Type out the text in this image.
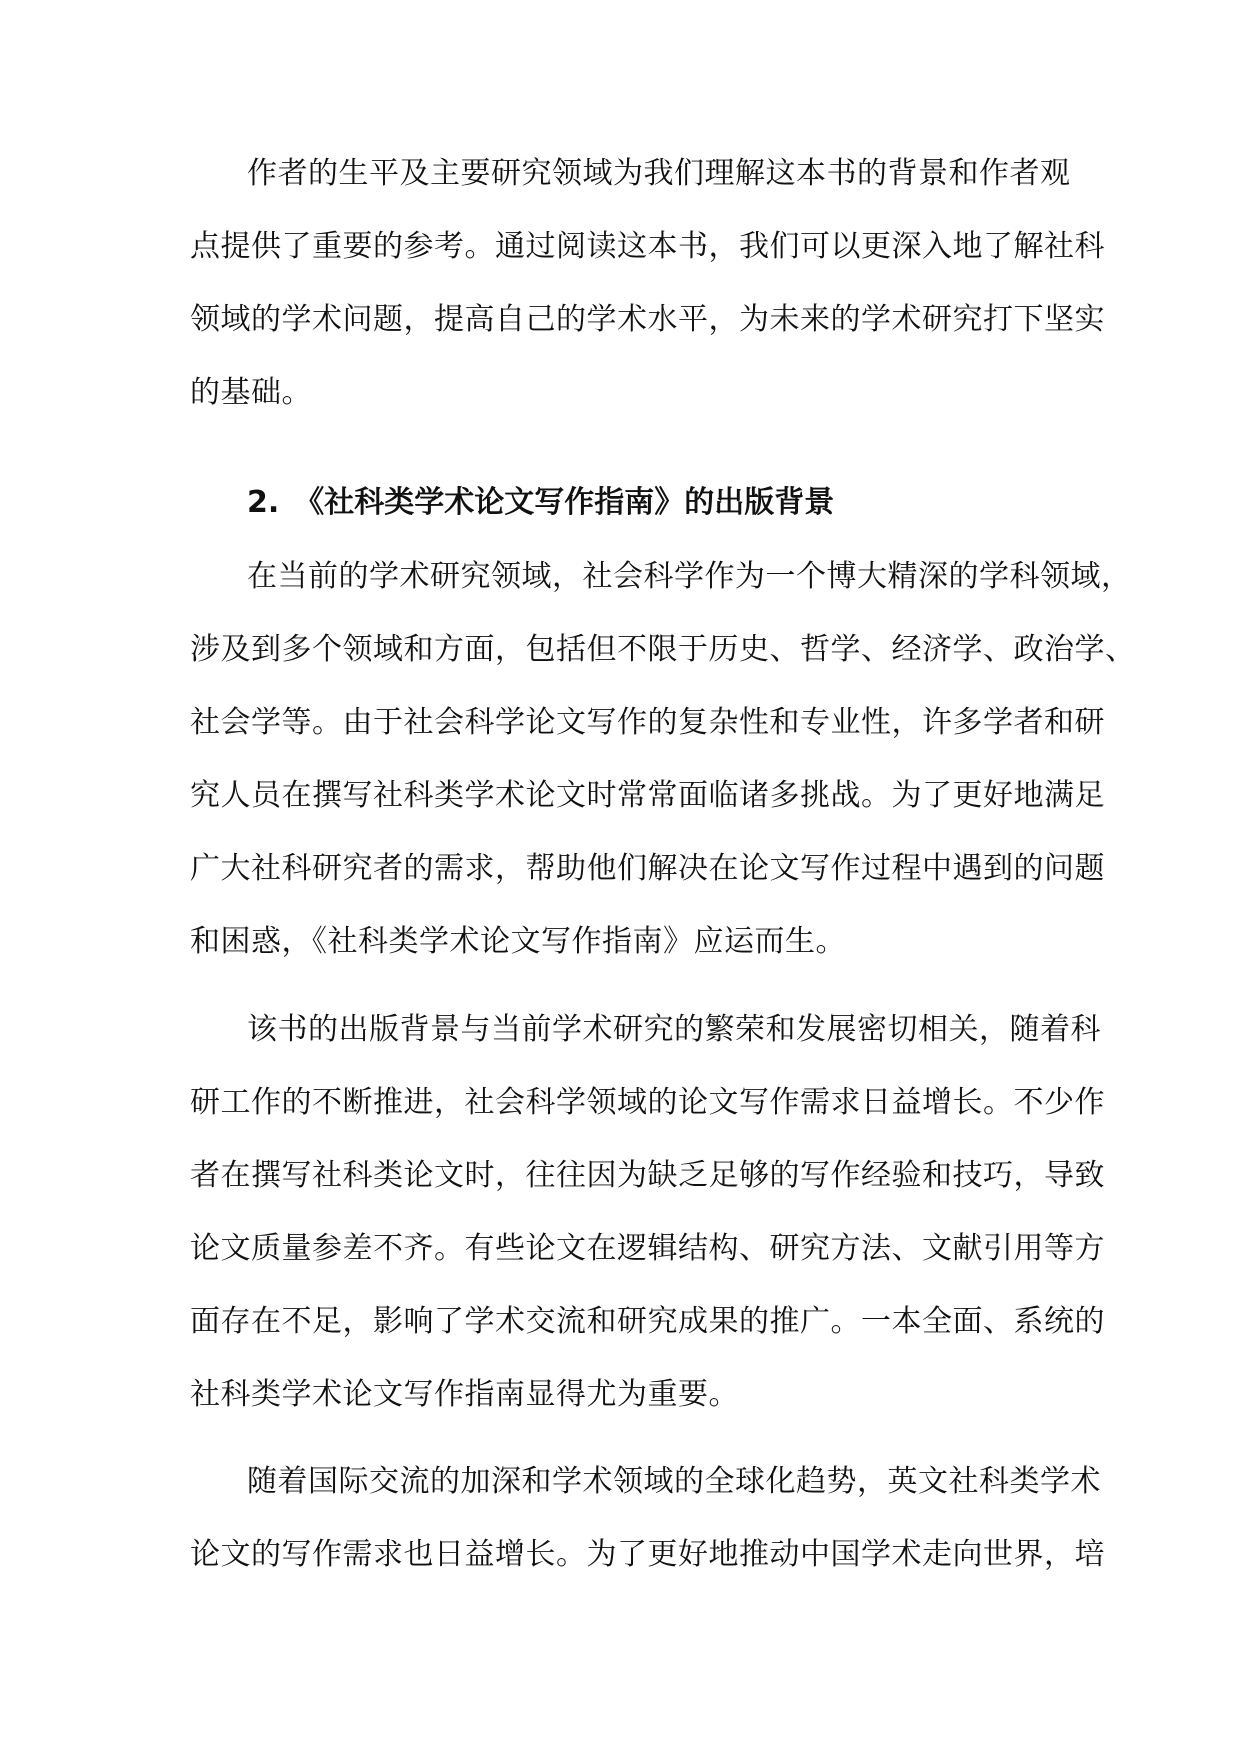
作者的生平及主要研究领域为我们理解这本书的背景和作者观
点提供了重要的参考。通过阅读这本书，我们可以更深入地了解社科
领域的学术问题，提高自己的学术水平，为未来的学术研究打下坚实
的基础。
2.　《社科类学术论文写作指南》的出版背景
在当前的学术研究领域，社会科学作为一个博大精深的学科领域，
涉及到多个领域和方面，包括但不限于历史、哲学、经济学、政治学、
社会学等。由于社会科学论文写作的复杂性和专业性，许多学者和研
究人员在撰写社科类学术论文时常常面临诸多挑战。为了更好地满足
广大社科研究者的需求，帮助他们解决在论文写作过程中遇到的问题
和困惑，《社科类学术论文写作指南》应运而生。
该书的出版背景与当前学术研究的繁荣和发展密切相关，随着科
研工作的不断推进，社会科学领域的论文写作需求日益增长。不少作
者在撰写社科类论文时，往往因为缺乏足够的写作经验和技巧，导致
论文质量参差不齐。有些论文在逻辑结构、研究方法、文献引用等方
面存在不足，影响了学术交流和研究成果的推广。一本全面、系统的
社科类学术论文写作指南显得尤为重要。
随着国际交流的加深和学术领域的全球化趋势，英文社科类学术
论文的写作需求也日益增长。为了更好地推动中国学术走向世界，培
